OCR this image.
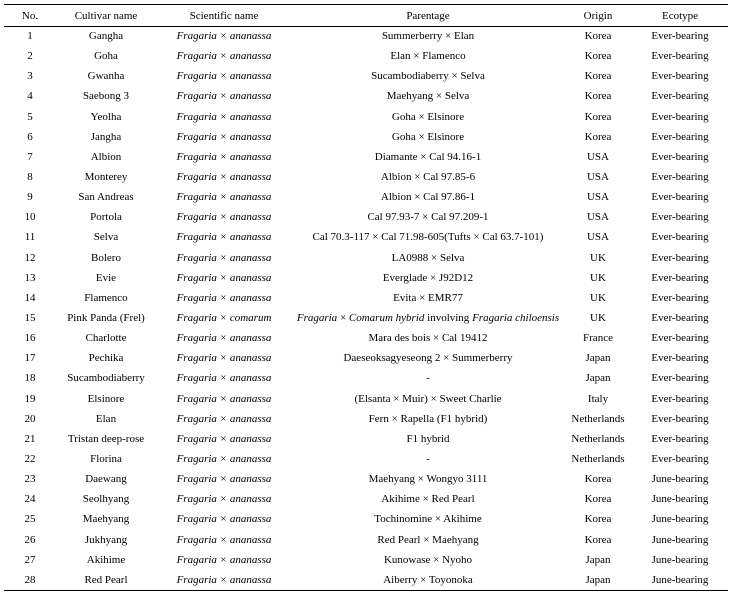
No.	Cultivar name	Scientific name	Parentage	Origin	Ecotype
1	Gangha	Fragaria × ananassa	Summerberry × Elan	Korea	Ever-bearing
2	Goha	Fragaria × ananassa	Elan × Flamenco	Korea	Ever-bearing
3	Gwanha	Fragaria × ananassa	Sucambodiaberry × Selva	Korea	Ever-bearing
4	Saebong 3	Fragaria × ananassa	Maehyang × Selva	Korea	Ever-bearing
5	Yeolha	Fragaria × ananassa	Goha × Elsinore	Korea	Ever-bearing
6	Jangha	Fragaria × ananassa	Goha × Elsinore	Korea	Ever-bearing
7	Albion	Fragaria × ananassa	Diamante × Cal 94.16-1	USA	Ever-bearing
8	Monterey	Fragaria × ananassa	Albion × Cal 97.85-6	USA	Ever-bearing
9	San Andreas	Fragaria × ananassa	Albion × Cal 97.86-1	USA	Ever-bearing
10	Portola	Fragaria × ananassa	Cal 97.93-7 × Cal 97.209-1	USA	Ever-bearing
11	Selva	Fragaria × ananassa	Cal 70.3-117 × Cal 71.98-605(Tufts × Cal 63.7-101)	USA	Ever-bearing
12	Bolero	Fragaria × ananassa	LA0988 × Selva	UK	Ever-bearing
13	Evie	Fragaria × ananassa	Everglade × J92D12	UK	Ever-bearing
14	Flamenco	Fragaria × ananassa	Evita × EMR77	UK	Ever-bearing
15	Pink Panda (Frel)	Fragaria × comarum	Fragaria × Comarum hybrid involving Fragaria chiloensis	UK	Ever-bearing
16	Charlotte	Fragaria × ananassa	Mara des bois × Cal 19412	France	Ever-bearing
17	Pechika	Fragaria × ananassa	Daeseoksagyeseong 2 × Summerberry	Japan	Ever-bearing
18	Sucambodiaberry	Fragaria × ananassa	-	Japan	Ever-bearing
19	Elsinore	Fragaria × ananassa	(Elsanta × Muir) × Sweet Charlie	Italy	Ever-bearing
20	Elan	Fragaria × ananassa	Fern × Rapella (F1 hybrid)	Netherlands	Ever-bearing
21	Tristan deep-rose	Fragaria × ananassa	F1 hybrid	Netherlands	Ever-bearing
22	Florina	Fragaria × ananassa	-	Netherlands	Ever-bearing
23	Daewang	Fragaria × ananassa	Maehyang × Wongyo 3111	Korea	June-bearing
24	Seolhyang	Fragaria × ananassa	Akihime × Red Pearl	Korea	June-bearing
25	Maehyang	Fragaria × ananassa	Tochinomine × Akihime	Korea	June-bearing
26	Jukhyang	Fragaria × ananassa	Red Pearl × Maehyang	Korea	June-bearing
27	Akihime	Fragaria × ananassa	Kunowase × Nyoho	Japan	June-bearing
28	Red Pearl	Fragaria × ananassa	Aiberry × Toyonoka	Japan	June-bearing
